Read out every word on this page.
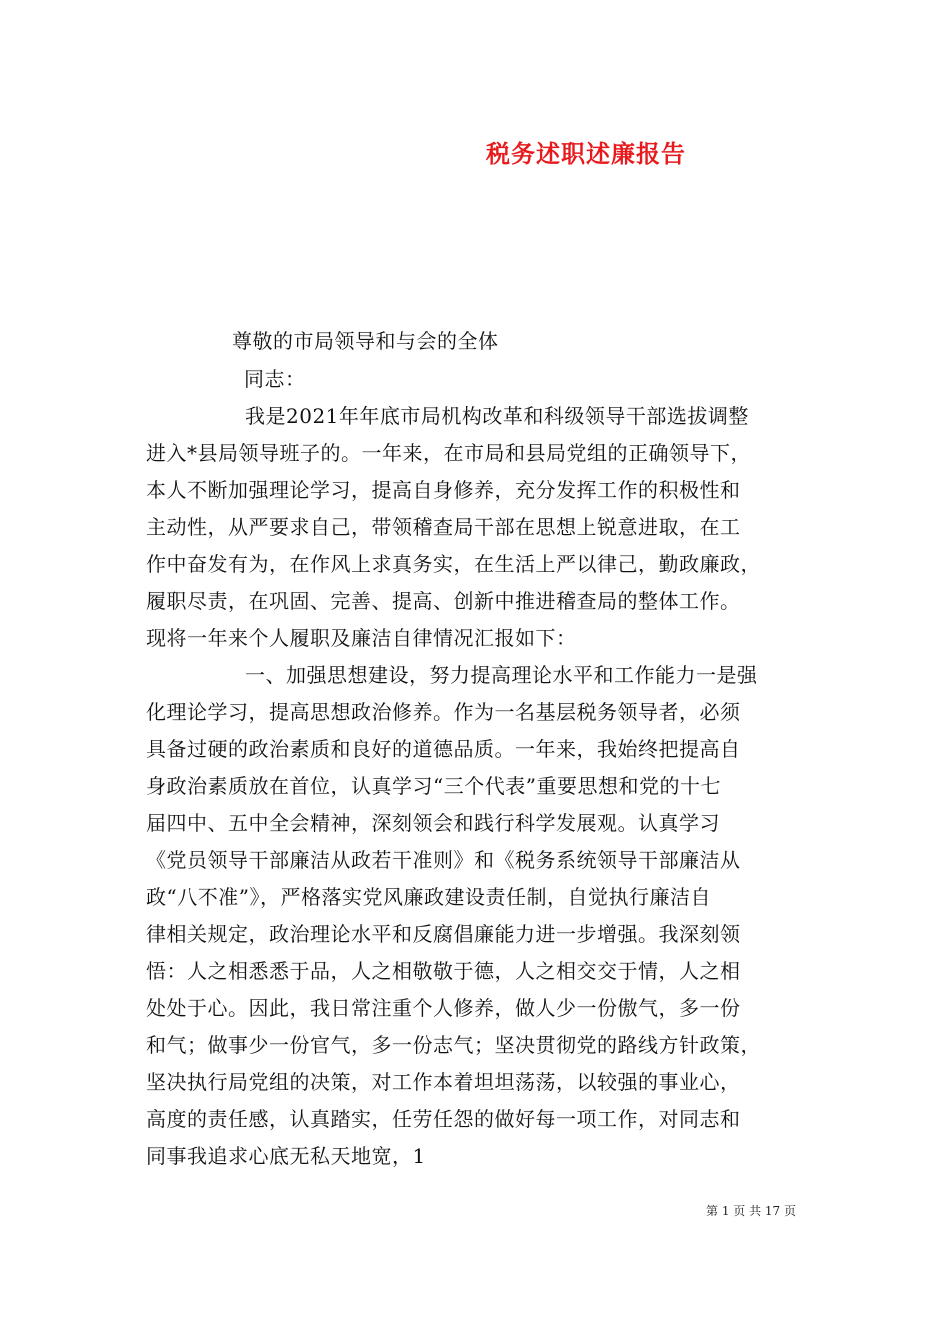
税务述职述廉报告
尊敬的市局领导和与会的全体
同志：
我是2021年年底市局机构改革和科级领导干部选拔调整
进入*县局领导班子的。一年来，在市局和县局党组的正确领导下，
本人不断加强理论学习，提高自身修养，充分发挥工作的积极性和
主动性，从严要求自己，带领稽查局干部在思想上锐意进取，在工
作中奋发有为，在作风上求真务实，在生活上严以律己，勤政廉政，
履职尽责，在巩固、完善、提高、创新中推进稽查局的整体工作。
现将一年来个人履职及廉洁自律情况汇报如下：
一、加强思想建设，努力提高理论水平和工作能力一是强
化理论学习，提高思想政治修养。作为一名基层税务领导者，必须
具备过硬的政治素质和良好的道德品质。一年来，我始终把提高自
身政治素质放在首位，认真学习“三个代表”重要思想和党的十七
届四中、五中全会精神，深刻领会和践行科学发展观。认真学习
《党员领导干部廉洁从政若干准则》和《税务系统领导干部廉洁从
政“八不准”》，严格落实党风廉政建设责任制，自觉执行廉洁自
律相关规定，政治理论水平和反腐倡廉能力进一步增强。我深刻领
悟：人之相悉悉于品，人之相敬敬于德，人之相交交于情，人之相
处处于心。因此，我日常注重个人修养，做人少一份傲气，多一份
和气；做事少一份官气，多一份志气；坚决贯彻党的路线方针政策，
坚决执行局党组的决策，对工作本着坦坦荡荡，以较强的事业心，
高度的责任感，认真踏实，任劳任怨的做好每一项工作，对同志和
同事我追求心底无私天地宽，1
第 1 页 共 17 页
